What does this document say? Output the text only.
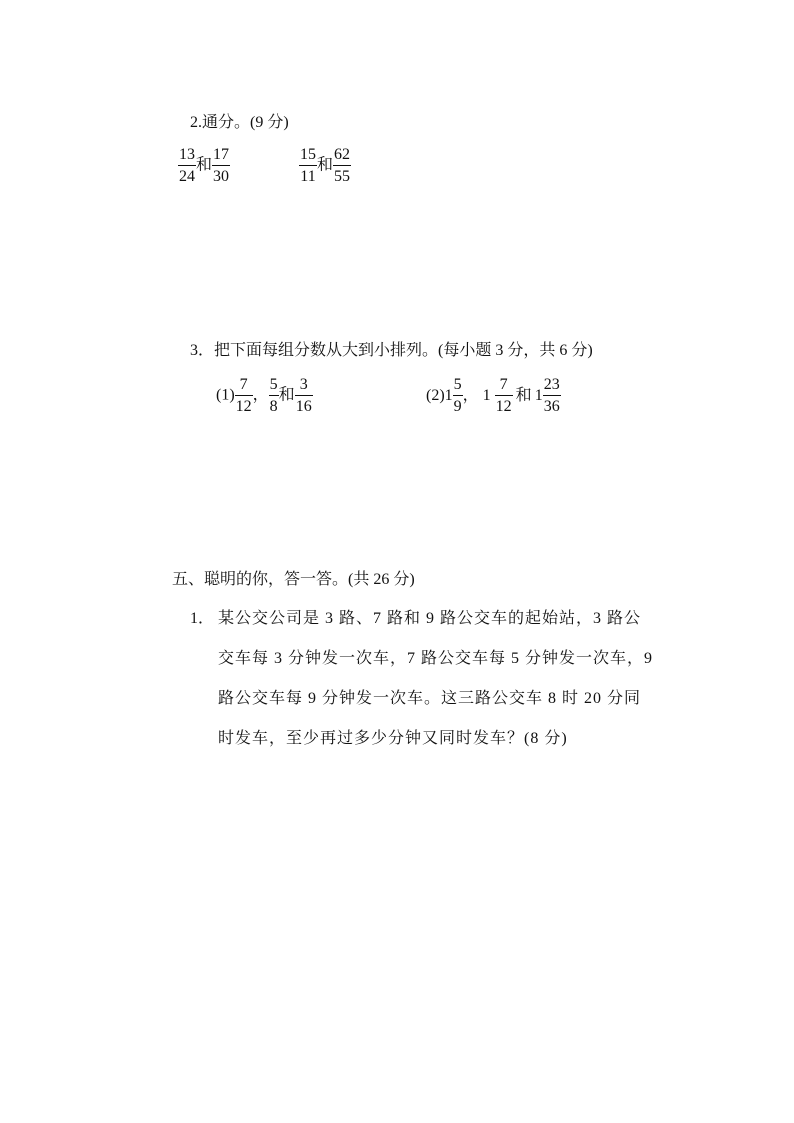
2.通分。(9 分)
$\frac{13}{24}$ 和 $\frac{17}{30}$	$\frac{15}{11}$ 和 $\frac{62}{55}$
3．把下面每组分数从大到小排列。(每小题 3 分，共 6 分)
$(1) \frac{7}{12}$ ， $\frac{5}{8}$ 和 $\frac{3}{16}$	(2) $1 \frac{5}{9}$ ， $1 \frac{7}{12}$ 和 $1 \frac{23}{36}$
五、聪明的你，答一答。(共 26 分)
1． 某公交公司是 3 路、7 路和 9 路公交车的起始站，3 路公
交车每 3 分钟发一次车，7 路公交车每 5 分钟发一次车，9
路公交车每 9 分钟发一次车。这三路公交车 8 时 20 分同
时发车，至少再过多少分钟又同时发车？(8 分)
